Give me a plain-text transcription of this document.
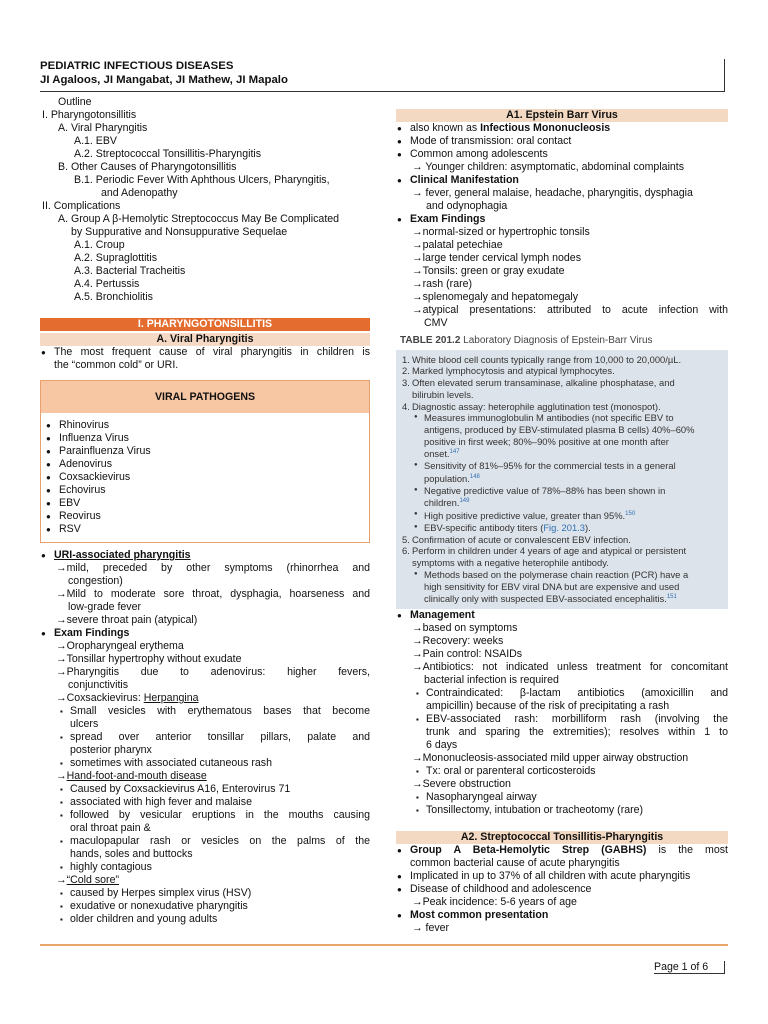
PEDIATRIC INFECTIOUS DISEASES
JI Agaloos, JI Mangabat, JI Mathew, JI Mapalo
Outline
I. Pharyngotonsillitis
A. Viral Pharyngitis
A.1. EBV
A.2. Streptococcal Tonsillitis-Pharyngitis
B. Other Causes of Pharyngotonsillitis
B.1. Periodic Fever With Aphthous Ulcers, Pharyngitis,
and Adenopathy
II. Complications
A. Group A β-Hemolytic Streptococcus May Be Complicated
by Suppurative and Nonsuppurative Sequelae
A.1. Croup
A.2. Supraglottitis
A.3. Bacterial Tracheitis
A.4. Pertussis
A.5. Bronchiolitis
I. PHARYNGOTONSILLITIS
A. Viral Pharyngitis
● The most frequent cause of viral pharyngitis in children is
the “common cold” or URI.
VIRAL PATHOGENS
● Rhinovirus
● Influenza Virus
● Parainfluenza Virus
● Adenovirus
● Coxsackievirus
● Echovirus
● EBV
● Reovirus
● RSV
● URI-associated pharyngitis
→mild, preceded by other symptoms (rhinorrhea and
congestion)
→Mild to moderate sore throat, dysphagia, hoarseness and
low-grade fever
→severe throat pain (atypical)
● Exam Findings
→Oropharyngeal erythema
→Tonsillar hypertrophy without exudate
→Pharyngitis due to adenovirus: higher fevers,
conjunctivitis
→Coxsackievirus: Herpangina
▪ Small vesicles with erythematous bases that become
ulcers
▪ spread over anterior tonsillar pillars, palate and
posterior pharynx
▪ sometimes with associated cutaneous rash
→Hand-foot-and-mouth disease
▪ Caused by Coxsackievirus A16, Enterovirus 71
▪ associated with high fever and malaise
▪ followed by vesicular eruptions in the mouths causing
oral throat pain &
▪ maculopapular rash or vesicles on the palms of the
hands, soles and buttocks
▪ highly contagious
→“Cold sore”
▪ caused by Herpes simplex virus (HSV)
▪ exudative or nonexudative pharyngitis
▪ older children and young adults
A1. Epstein Barr Virus
● also known as Infectious Mononucleosis
● Mode of transmission: oral contact
● Common among adolescents
→ Younger children: asymptomatic, abdominal complaints
● Clinical Manifestation
→ fever, general malaise, headache, pharyngitis, dysphagia
and odynophagia
● Exam Findings
→normal-sized or hypertrophic tonsils
→palatal petechiae
→large tender cervical lymph nodes
→Tonsils: green or gray exudate
→rash (rare)
→splenomegaly and hepatomegaly
→atypical presentations: attributed to acute infection with
CMV
TABLE 201.2 Laboratory Diagnosis of Epstein-Barr Virus
1. White blood cell counts typically range from 10,000 to 20,000/µL.
2. Marked lymphocytosis and atypical lymphocytes.
3. Often elevated serum transaminase, alkaline phosphatase, and
bilirubin levels.
4. Diagnostic assay: heterophile agglutination test (monospot).
● Measures immunoglobulin M antibodies (not specific EBV to
antigens, produced by EBV-stimulated plasma B cells) 40%–60%
positive in first week; 80%–90% positive at one month after
onset.$^{147}$
● Sensitivity of 81%–95% for the commercial tests in a general
population.$^{148}$
● Negative predictive value of 78%–88% has been shown in
children.$^{149}$
● High positive predictive value, greater than 95%.$^{150}$
● EBV-specific antibody titers (Fig. 201.3).
5. Confirmation of acute or convalescent EBV infection.
6. Perform in children under 4 years of age and atypical or persistent
symptoms with a negative heterophile antibody.
● Methods based on the polymerase chain reaction (PCR) have a
high sensitivity for EBV viral DNA but are expensive and used
clinically only with suspected EBV-associated encephalitis.$^{151}$
● Management
→based on symptoms
→Recovery: weeks
→Pain control: NSAIDs
→Antibiotics: not indicated unless treatment for concomitant
bacterial infection is required
▪ Contraindicated: β-lactam antibiotics (amoxicillin and
ampicillin) because of the risk of precipitating a rash
▪ EBV-associated rash: morbilliform rash (involving the
trunk and sparing the extremities); resolves within 1 to
6 days
→Mononucleosis-associated mild upper airway obstruction
▪ Tx: oral or parenteral corticosteroids
→Severe obstruction
▪ Nasopharyngeal airway
▪ Tonsillectomy, intubation or tracheotomy (rare)
A2. Streptococcal Tonsillitis-Pharyngitis
● Group A Beta-Hemolytic Strep (GABHS) is the most
common bacterial cause of acute pharyngitis
● Implicated in up to 37% of all children with acute pharyngitis
● Disease of childhood and adolescence
→Peak incidence: 5-6 years of age
● Most common presentation
→ fever
Page 1 of 6
